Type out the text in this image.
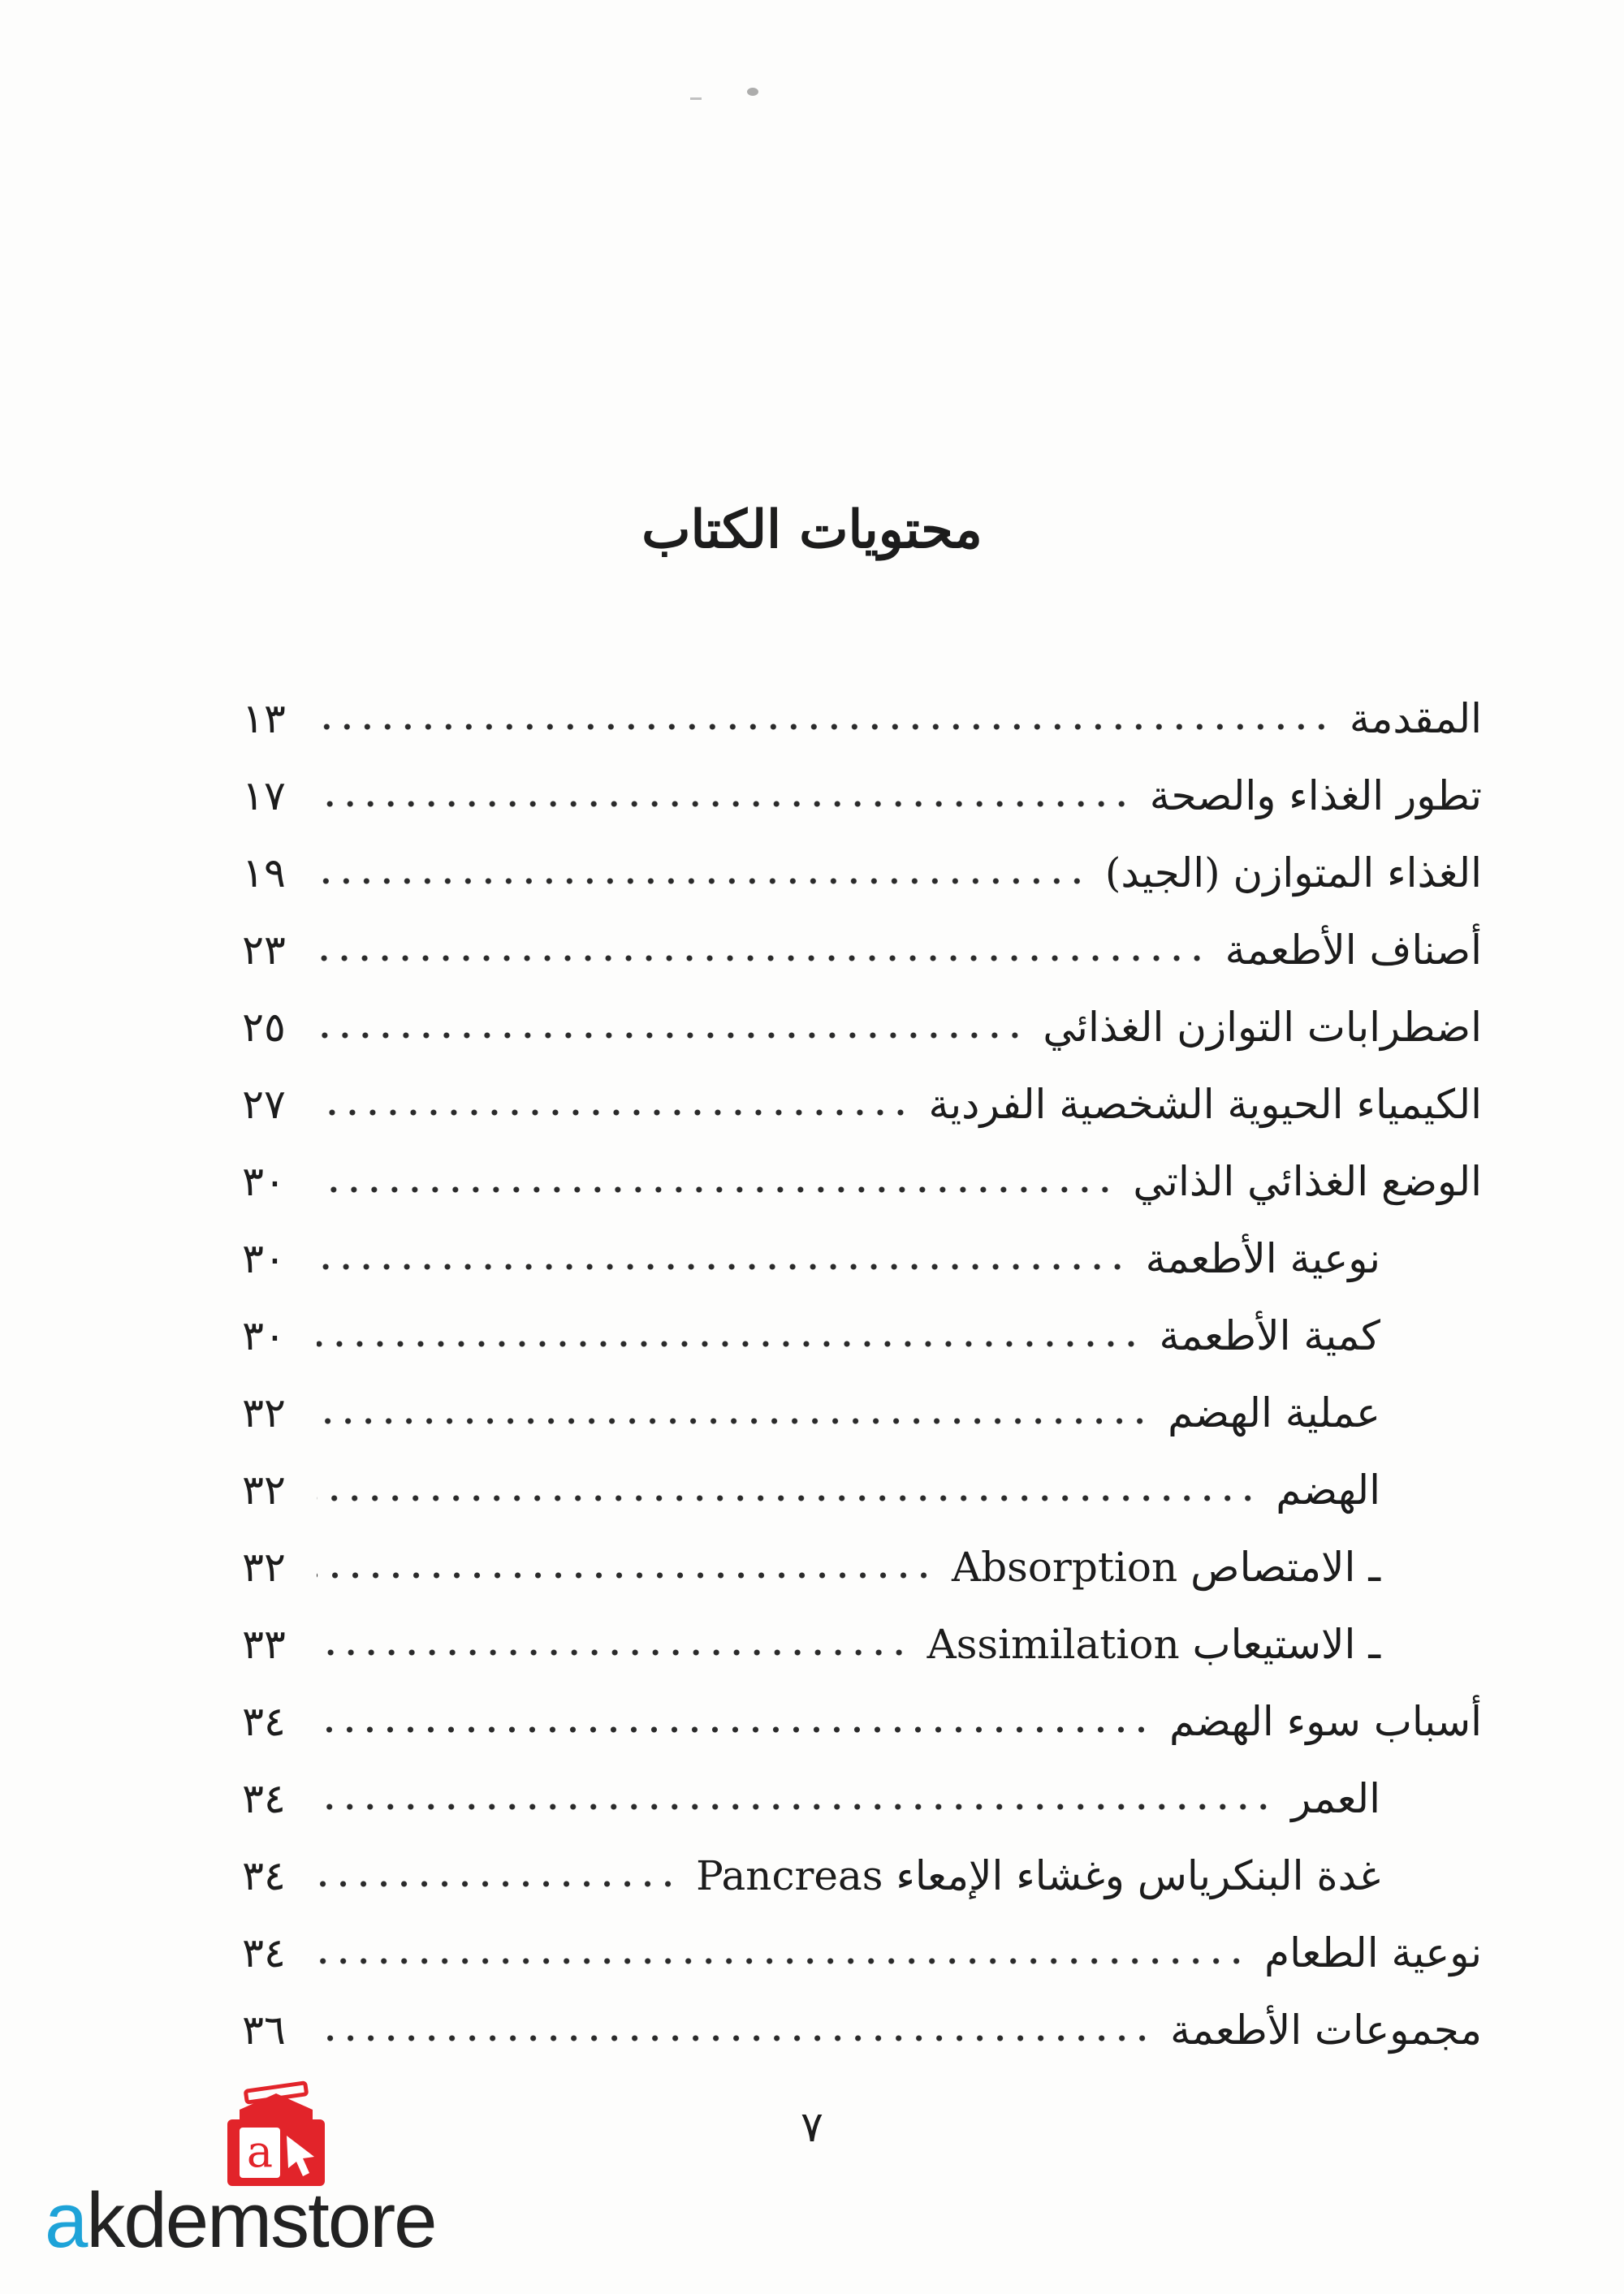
محتويات الكتاب
١٣	المقدمة
١٧	تطور الغذاء والصحة
١٩	الغذاء المتوازن (الجيد)
٢٣	أصناف الأطعمة
٢٥	اضطرابات التوازن الغذائي
٢٧	الكيمياء الحيوية الشخصية الفردية
٣٠	الوضع الغذائي الذاتي
٣٠	نوعية الأطعمة
٣٠	كمية الأطعمة
٣٢	عملية الهضم
٣٢	الهضم
٣٢	ـ الامتصاص Absorption
٣٣	ـ الاستيعاب Assimilation
٣٤	أسباب سوء الهضم
٣٤	العمر
٣٤	غدة البنكرياس وغشاء الإمعاء Pancreas
٣٤	نوعية الطعام
٣٦	مجموعات الأطعمة
٧
a
akdemstore
